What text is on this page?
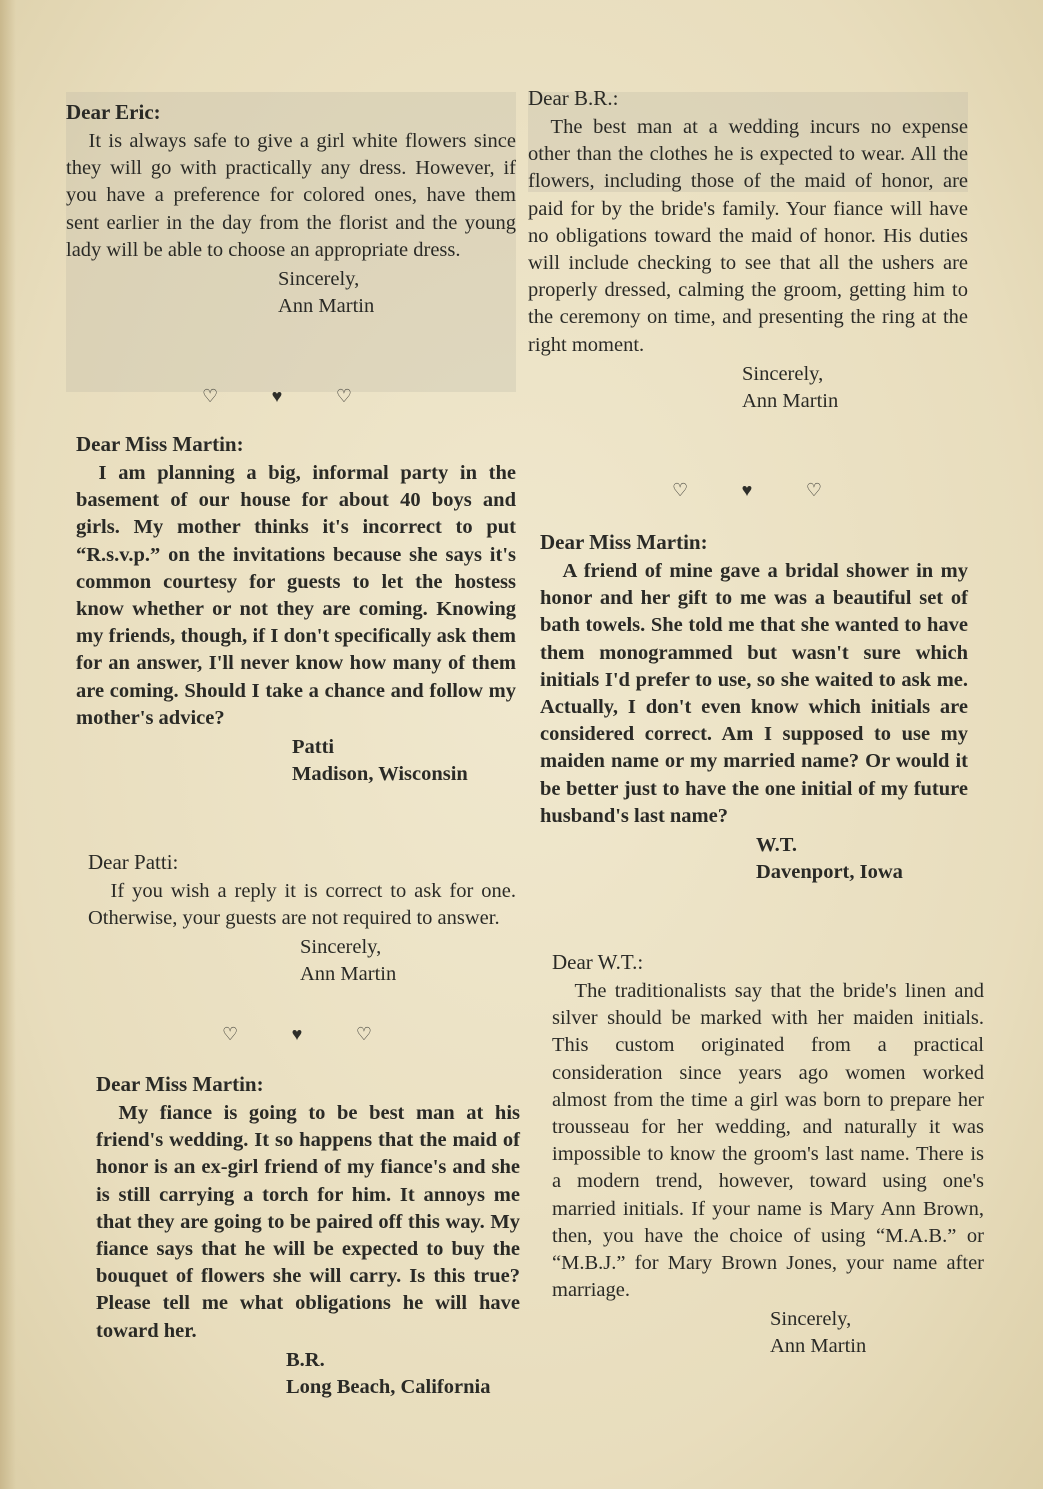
Dear Eric:

It is always safe to give a girl white flowers since they will go with practically any dress. However, if you have a preference for colored ones, have them sent earlier in the day from the florist and the young lady will be able to choose an appropriate dress.

Sincerely,
Ann Martin
♡	♥	♡

Dear Miss Martin:

I am planning a big, informal party in the basement of our house for about 40 boys and girls. My mother thinks it's incorrect to put “R.s.v.p.” on the invitations because she says it's common courtesy for guests to let the hostess know whether or not they are coming. Knowing my friends, though, if I don't specifically ask them for an answer, I'll never know how many of them are coming. Should I take a chance and follow my mother's advice?

Patti
Madison, Wisconsin

Dear Patti:

If you wish a reply it is correct to ask for one. Otherwise, your guests are not required to answer.

Sincerely,
Ann Martin
♡	♥	♡

Dear Miss Martin:

My fiance is going to be best man at his friend's wedding. It so happens that the maid of honor is an ex-girl friend of my fiance's and she is still carrying a torch for him. It annoys me that they are going to be paired off this way. My fiance says that he will be expected to buy the bouquet of flowers she will carry. Is this true? Please tell me what obligations he will have toward her.

B.R.
Long Beach, California

Dear B.R.:

The best man at a wedding incurs no expense other than the clothes he is expected to wear. All the flowers, including those of the maid of honor, are paid for by the bride's family. Your fiance will have no obligations toward the maid of honor. His duties will include checking to see that all the ushers are properly dressed, calming the groom, getting him to the ceremony on time, and presenting the ring at the right moment.

Sincerely,
Ann Martin
♡	♥	♡

Dear Miss Martin:

A friend of mine gave a bridal shower in my honor and her gift to me was a beautiful set of bath towels. She told me that she wanted to have them monogrammed but wasn't sure which initials I'd prefer to use, so she waited to ask me. Actually, I don't even know which initials are considered correct. Am I supposed to use my maiden name or my married name? Or would it be better just to have the one initial of my future husband's last name?

W.T.
Davenport, Iowa

Dear W.T.:

The traditionalists say that the bride's linen and silver should be marked with her maiden initials. This custom originated from a practical consideration since years ago women worked almost from the time a girl was born to prepare her trousseau for her wedding, and naturally it was impossible to know the groom's last name. There is a modern trend, however, toward using one's married initials. If your name is Mary Ann Brown, then, you have the choice of using “M.A.B.” or “M.B.J.” for Mary Brown Jones, your name after marriage.

Sincerely,
Ann Martin
